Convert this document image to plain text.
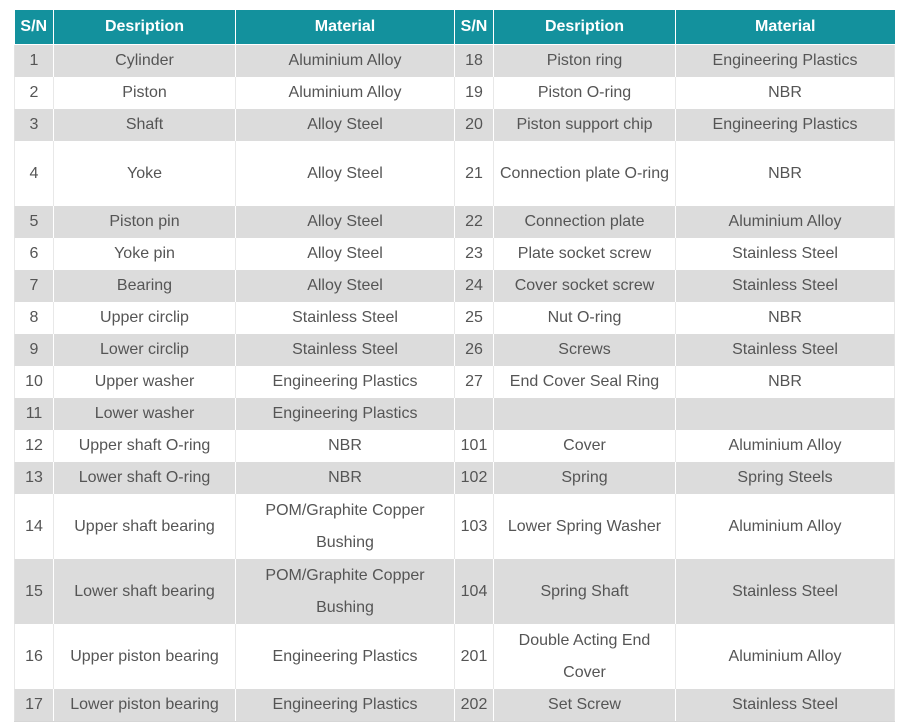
S/N	Desription	Material	S/N	Desription	Material
1	Cylinder	Aluminium Alloy	18	Piston ring	Engineering Plastics
2	Piston	Aluminium Alloy	19	Piston O-ring	NBR
3	Shaft	Alloy Steel	20	Piston support chip	Engineering Plastics
4	Yoke	Alloy Steel	21	Connection plate O-ring	NBR
5	Piston pin	Alloy Steel	22	Connection plate	Aluminium Alloy
6	Yoke pin	Alloy Steel	23	Plate socket screw	Stainless Steel
7	Bearing	Alloy Steel	24	Cover socket screw	Stainless Steel
8	Upper circlip	Stainless Steel	25	Nut O-ring	NBR
9	Lower circlip	Stainless Steel	26	Screws	Stainless Steel
10	Upper washer	Engineering Plastics	27	End Cover Seal Ring	NBR
11	Lower washer	Engineering Plastics			
12	Upper shaft O-ring	NBR	101	Cover	Aluminium Alloy
13	Lower shaft O-ring	NBR	102	Spring	Spring Steels
14	Upper shaft bearing	POM/Graphite Copper Bushing	103	Lower Spring Washer	Aluminium Alloy
15	Lower shaft bearing	POM/Graphite Copper Bushing	104	Spring Shaft	Stainless Steel
16	Upper piston bearing	Engineering Plastics	201	Double Acting End Cover	Aluminium Alloy
17	Lower piston bearing	Engineering Plastics	202	Set Screw	Stainless Steel
